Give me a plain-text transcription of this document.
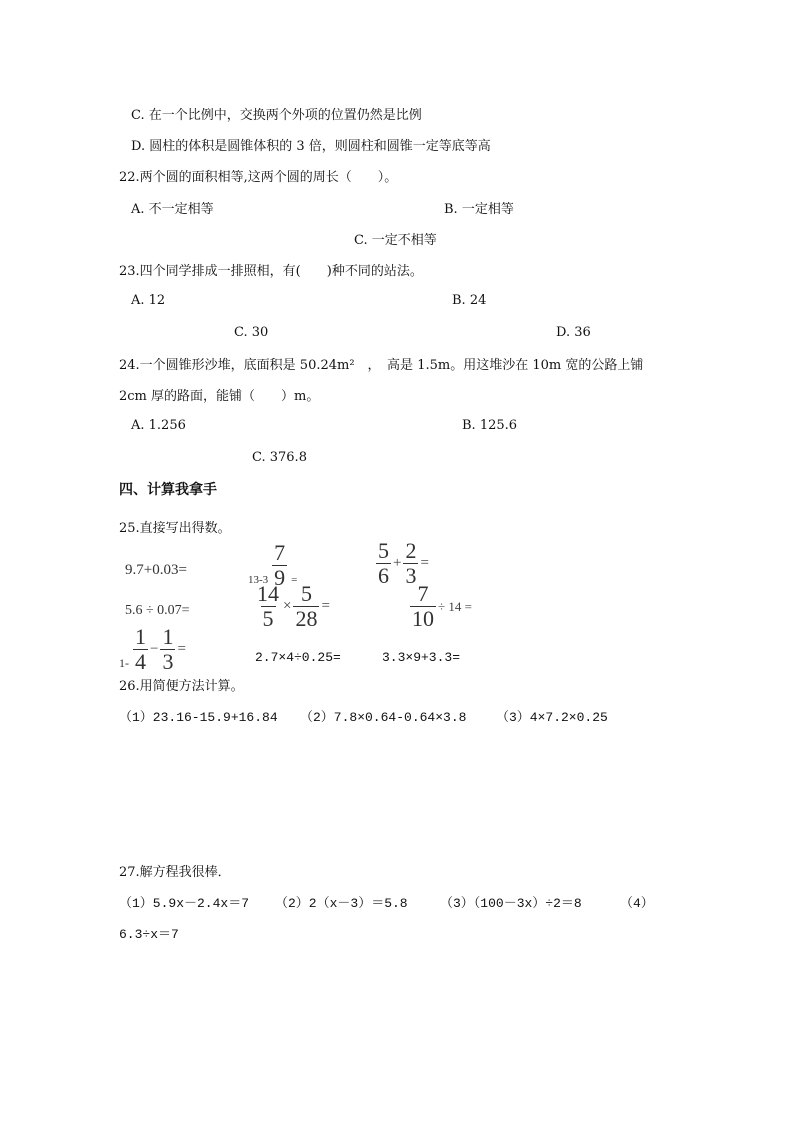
C. 在一个比例中，交换两个外项的位置仍然是比例
D. 圆柱的体积是圆锥体积的 3 倍，则圆柱和圆锥一定等底等高
22.两个圆的面积相等,这两个圆的周长（　　）。
A. 不一定相等	B. 一定相等
C. 一定不相等
23.四个同学排成一排照相，有(　　)种不同的站法。
A. 12	B. 24
C. 30	D. 36
24.一个圆锥形沙堆，底面积是 50.24m²　，　高是 1.5m。用这堆沙在 10m 宽的公路上铺
2cm 厚的路面，能铺（　　）m。
A. 1.256	B. 125.6
C. 376.8
四、计算我拿手
25.直接写出得数。
9.7+0.03=
$_{13-3} \frac{7}{9} _=$	$\frac{5}{6} + \frac{2}{3}$ =
5.6 ÷ 0.07=	$\frac{14}{5} \times \frac{5}{28}$ =	$\frac{7}{10} \div 14$ =
$_{1-} \frac{1}{4} - \frac{1}{3}$ =
2.7×4÷0.25=	3.3×9+3.3=
26.用简便方法计算。
（1）23.16-15.9+16.84 （2）7.8×0.64-0.64×3.8 （3）4×7.2×0.25
27.解方程我很棒．
（1）5.9x－2.4x＝7 （2）2（x－3）＝5.8 （3）（100－3x）÷2＝8	（4）
6.3÷x＝7
